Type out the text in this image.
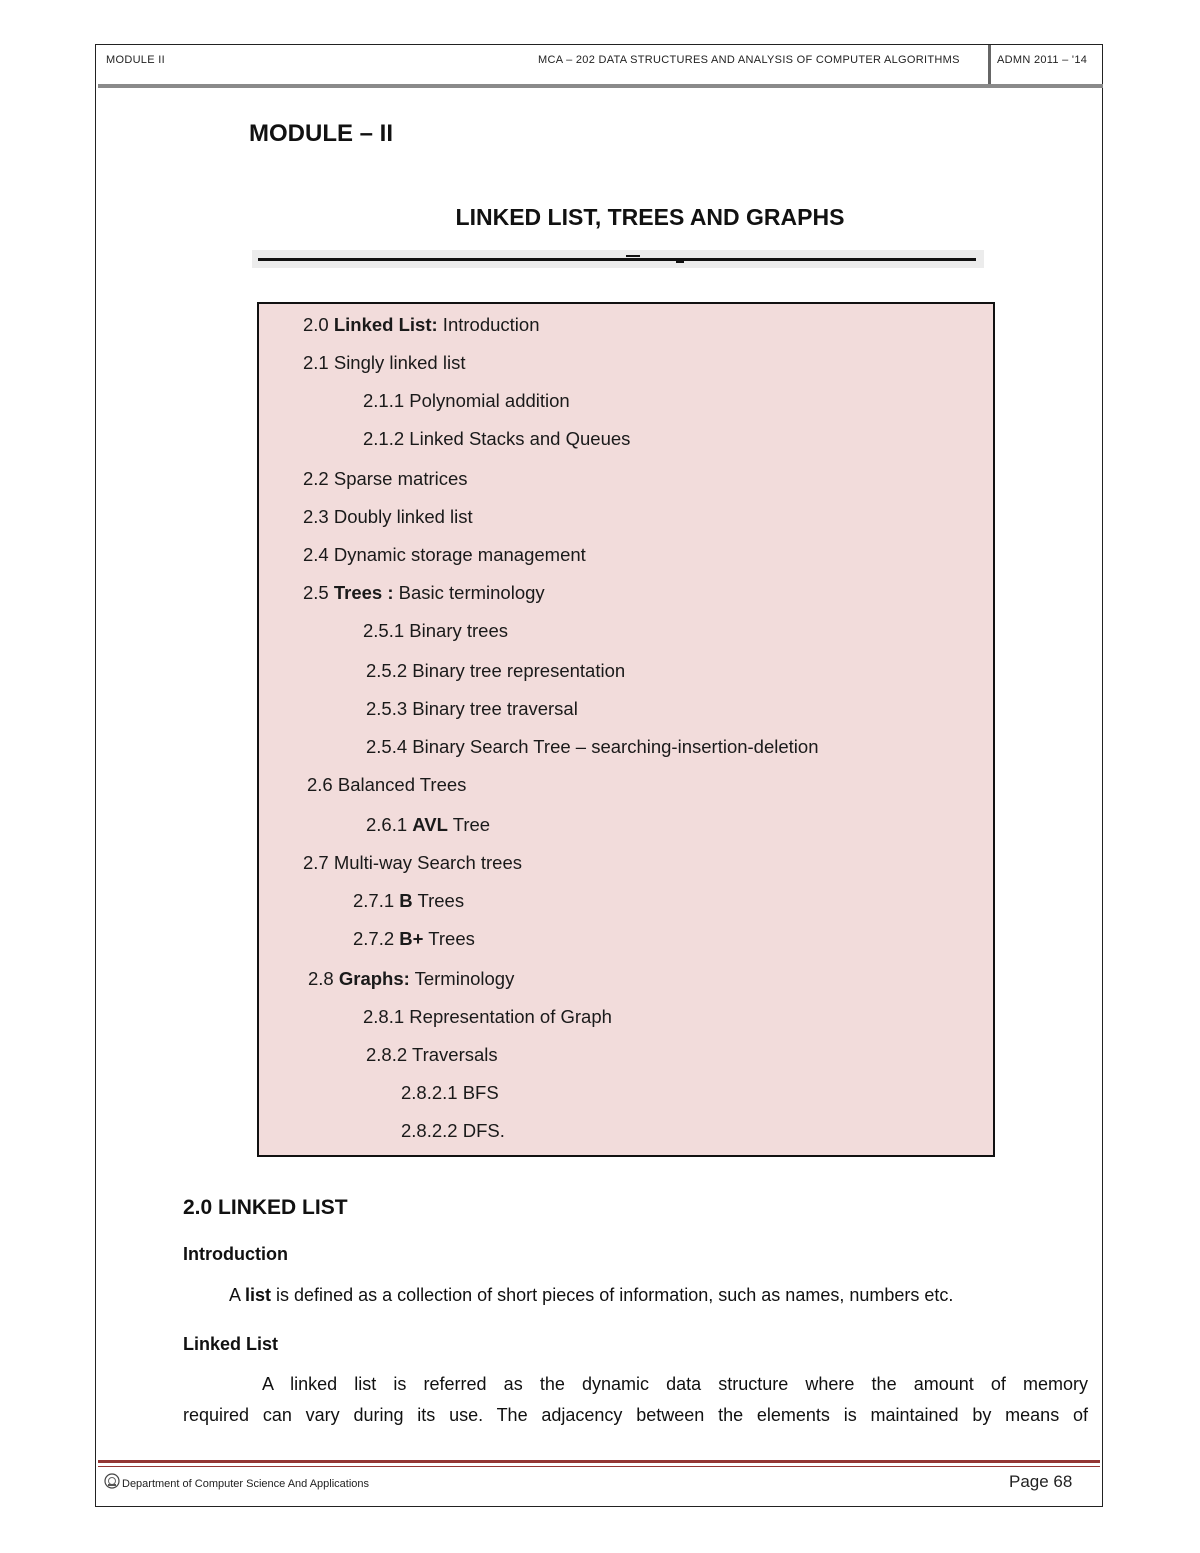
MODULE II	MCA – 202 DATA STRUCTURES AND ANALYSIS OF COMPUTER ALGORITHMS	ADMN 2011 – '14
MODULE – II
LINKED LIST, TREES AND GRAPHS
2.0 Linked List: Introduction
2.1 Singly linked list
2.1.1 Polynomial addition
2.1.2 Linked Stacks and Queues
2.2 Sparse matrices
2.3 Doubly linked list
2.4 Dynamic storage management
2.5 Trees : Basic terminology
2.5.1 Binary trees
2.5.2 Binary tree representation
2.5.3 Binary tree traversal
2.5.4 Binary Search Tree – searching-insertion-deletion
2.6 Balanced Trees
2.6.1 AVL Tree
2.7 Multi-way Search trees
2.7.1 B Trees
2.7.2 B+ Trees
2.8 Graphs: Terminology
2.8.1 Representation of Graph
2.8.2 Traversals
2.8.2.1 BFS
2.8.2.2 DFS.
2.0 LINKED LIST
Introduction
A list is defined as a collection of short pieces of information, such as names, numbers etc.
Linked List
A linked list is referred as the dynamic data structure where the amount of memory
required can vary during its use. The adjacency between the elements is maintained by means of
Department of Computer Science And Applications	Page 68
